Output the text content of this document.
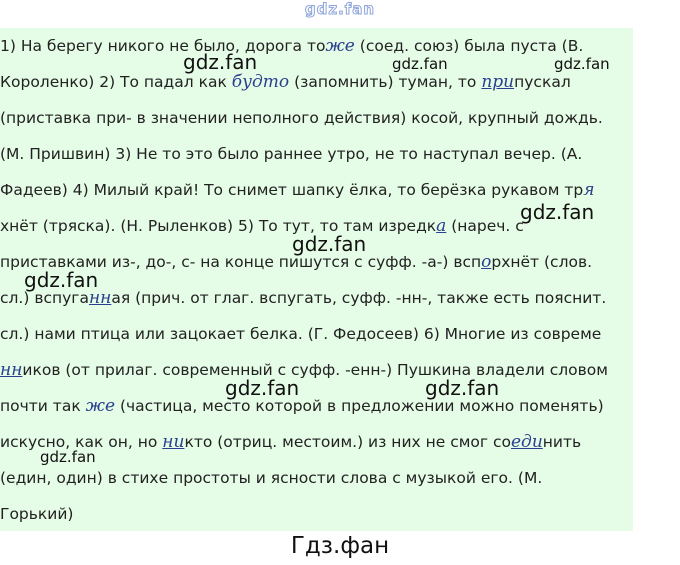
gdz.fan
1) На берегу никого не было, дорога тоже (соед. союз) была пуста (В.
Короленко) 2) То падал как будто (запомнить) туман, то припускал
(приставка при- в значении неполного действия) косой, крупный дождь.
(М. Пришвин) 3) Не то это было раннее утро, не то наступал вечер. (А.
Фадеев) 4) Милый край! То снимет шапку ёлка, то берёзка рукавом тря
хнёт (тряска). (Н. Рыленков) 5) То тут, то там изредка (нареч. с
приставками из-, до-, с- на конце пишутся с суфф. -а-) вспорхнёт (слов.
сл.) вспуганная (прич. от глаг. вспугать, суфф. -нн-, также есть пояснит.
сл.) нами птица или зацокает белка. (Г. Федосеев) 6) Многие из совреме
нников (от прилаг. современный с суфф. -енн-) Пушкина владели словом
почти так же (частица, место которой в предложении можно поменять)
искусно, как он, но никто (отриц. местоим.) из них не смог соединить
(един, один) в стихе простоты и ясности слова с музыкой его. (М.
Горький)
gdz.fan	gdz.fan	gdz.fan
gdz.fan
gdz.fan
gdz.fan
gdz.fan	gdz.fan
gdz.fan
Гдз.фан
